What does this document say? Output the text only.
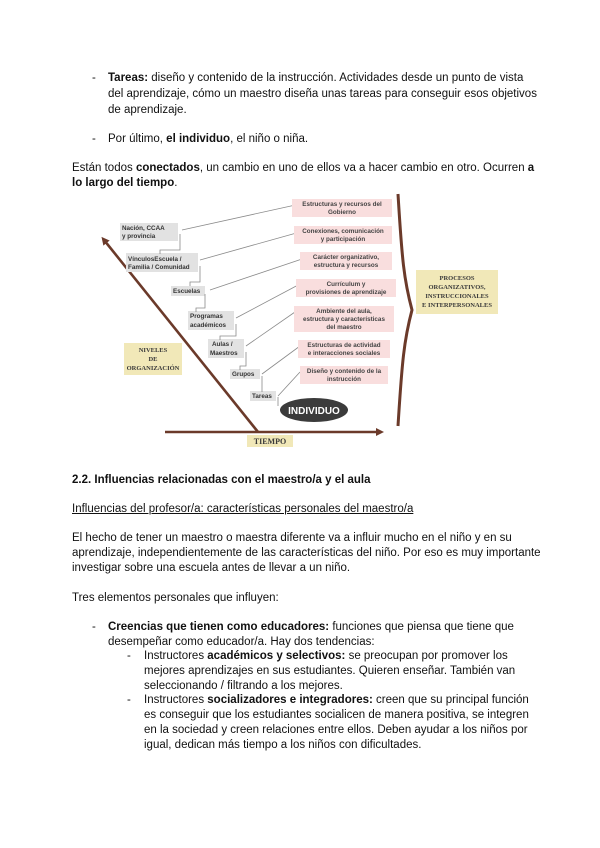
- Tareas: diseño y contenido de la instrucción. Actividades desde un punto de vista
del aprendizaje, cómo un maestro diseña unas tareas para conseguir esos objetivos
de aprendizaje.
- Por último, el individuo, el niño o niña.
Están todos conectados, un cambio en uno de ellos va a hacer cambio en otro. Ocurren a
lo largo del tiempo.
Nación, CCAA
y provincia
VínculosEscuela /
Familia / Comunidad
Escuelas
Programas
académicos
Aulas /
Maestros
Grupos
Tareas
Estructuras y recursos del
Gobierno
Conexiones, comunicación
y participación
Carácter organizativo,
estructura y recursos
Currículum y
provisiones de aprendizaje
Ambiente del aula,
estructura y características
del maestro
Estructuras de actividad
e interacciones sociales
Diseño y contenido de la
instrucción
INDIVIDUO
NIVELES
DE
ORGANIZACIÓN
PROCESOS
ORGANIZATIVOS,
INSTRUCCIONALES
E INTERPERSONALES
TIEMPO
2.2. Influencias relacionadas con el maestro/a y el aula
Influencias del profesor/a: características personales del maestro/a
El hecho de tener un maestro o maestra diferente va a influir mucho en el niño y en su
aprendizaje, independientemente de las características del niño. Por eso es muy importante
investigar sobre una escuela antes de llevar a un niño.
Tres elementos personales que influyen:
- Creencias que tienen como educadores: funciones que piensa que tiene que
desempeñar como educador/a. Hay dos tendencias:
- Instructores académicos y selectivos: se preocupan por promover los
mejores aprendizajes en sus estudiantes. Quieren enseñar. También van
seleccionando / filtrando a los mejores.
- Instructores socializadores e integradores: creen que su principal función
es conseguir que los estudiantes socialicen de manera positiva, se integren
en la sociedad y creen relaciones entre ellos. Deben ayudar a los niños por
igual, dedican más tiempo a los niños con dificultades.
